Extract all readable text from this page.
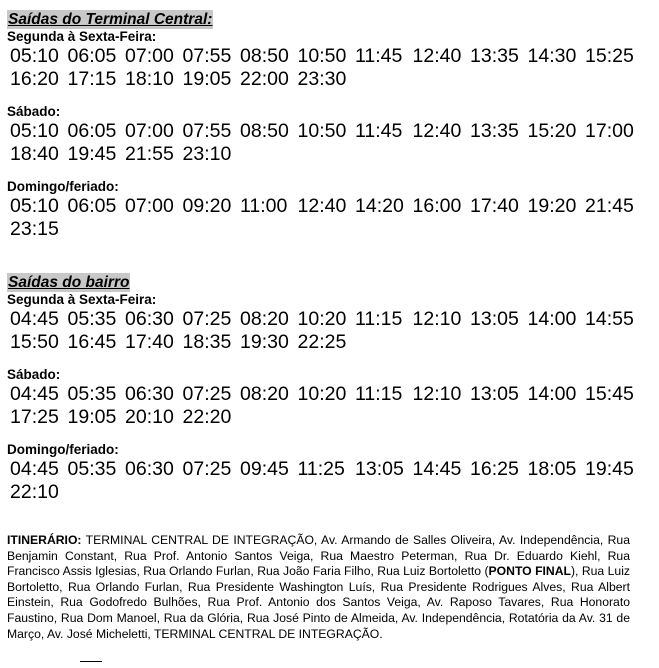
Saídas do Terminal Central:
Segunda à Sexta-Feira:
05:10 06:05 07:00 07:55 08:50 10:50 11:45 12:40 13:35 14:30 15:25
16:20 17:15 18:10 19:05 22:00 23:30
Sábado:
05:10 06:05 07:00 07:55 08:50 10:50 11:45 12:40 13:35 15:20 17:00
18:40 19:45 21:55 23:10
Domingo/feriado:
05:10 06:05 07:00 09:20 11:00 12:40 14:20 16:00 17:40 19:20 21:45
23:15
Saídas do bairro
Segunda à Sexta-Feira:
04:45 05:35 06:30 07:25 08:20 10:20 11:15 12:10 13:05 14:00 14:55
15:50 16:45 17:40 18:35 19:30 22:25
Sábado:
04:45 05:35 06:30 07:25 08:20 10:20 11:15 12:10 13:05 14:00 15:45
17:25 19:05 20:10 22:20
Domingo/feriado:
04:45 05:35 06:30 07:25 09:45 11:25 13:05 14:45 16:25 18:05 19:45
22:10
ITINERÁRIO: TERMINAL CENTRAL DE INTEGRAÇÃO, Av. Armando de Salles Oliveira, Av. Independência, Rua Benjamin Constant, Rua Prof. Antonio Santos Veiga, Rua Maestro Peterman, Rua Dr. Eduardo Kiehl, Rua Francisco Assis Iglesias, Rua Orlando Furlan, Rua João Faria Filho, Rua Luiz Bortoletto (PONTO FINAL), Rua Luiz Bortoletto, Rua Orlando Furlan, Rua Presidente Washington Luís, Rua Presidente Rodrigues Alves, Rua Albert Einstein, Rua Godofredo Bulhões, Rua Prof. Antonio dos Santos Veiga, Av. Raposo Tavares, Rua Honorato Faustino, Rua Dom Manoel, Rua da Glória, Rua José Pinto de Almeida, Av. Independência, Rotatória da Av. 31 de Março, Av. José Micheletti, TERMINAL CENTRAL DE INTEGRAÇÃO.
